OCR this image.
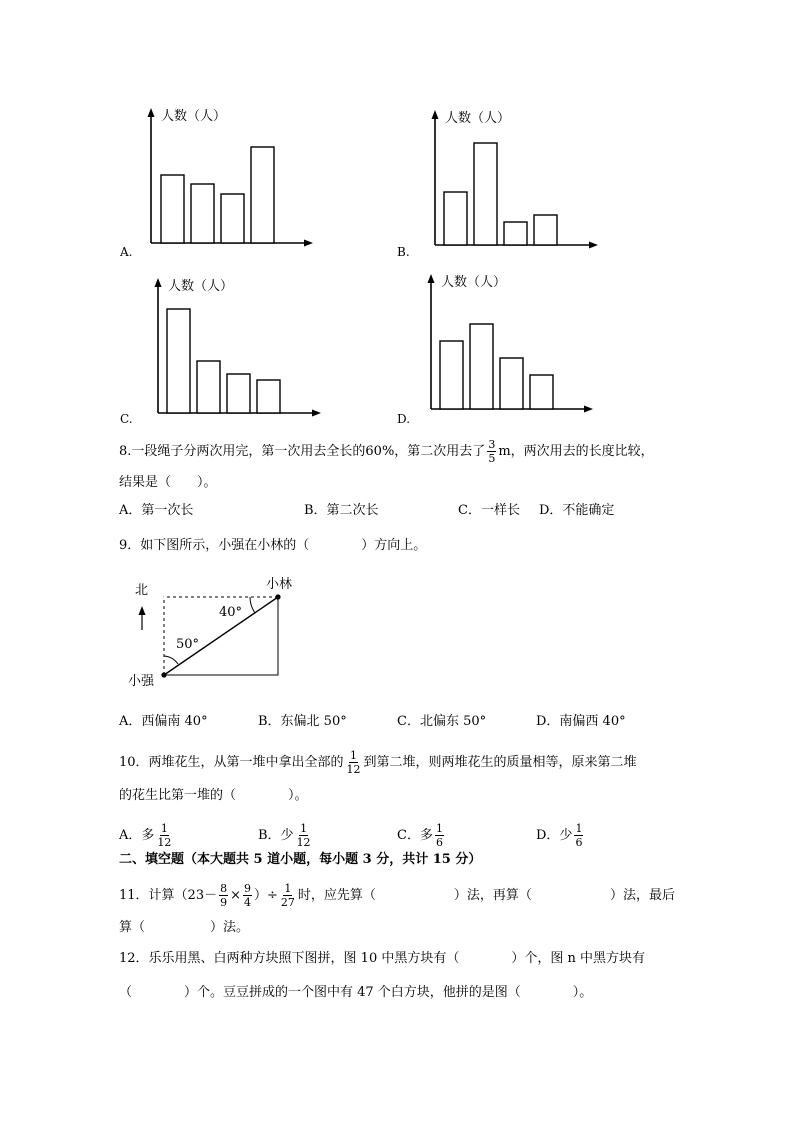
人数（人）
A.
人数（人）
B.
人数（人）
C.
人数（人）
D.
8.一段绳子分两次用完，第一次用去全长的60%，第二次用去了 $\frac{3}{5}$ m，两次用去的长度比较，
结果是（　　）。
A．第一次长	B．第二次长	C．一样长 D．不能确定
9．如下图所示，小强在小林的（　　　　）方向上。
北	小林
小强
40°
50°
A．西偏南 40°	B．东偏北 50°	C．北偏东 50°	D．南偏西 40°
10．两堆花生，从第一堆中拿出全部的 $\frac{1}{12}$ 到第二堆，则两堆花生的质量相等，原来第二堆
的花生比第一堆的（　　　　）。
A．多 $\frac{1}{12}$	B．少 $\frac{1}{12}$	C．多 $\frac{1}{6}$	D．少 $\frac{1}{6}$
二、填空题（本大题共 5 道小题，每小题 3 分，共计 15 分）
11．计算（$23- \frac{8}{9} \times \frac{9}{4}$ ）÷ $\frac{1}{27}$ 时，应先算（	）法，再算（	）法，最后
算（　　　　　）法。
12．乐乐用黑、白两种方块照下图拼，图 10 中黑方块有（　　　　）个，图 n 中黑方块有
（　　　　）个。豆豆拼成的一个图中有 47 个白方块，他拼的是图（　　　　）。
